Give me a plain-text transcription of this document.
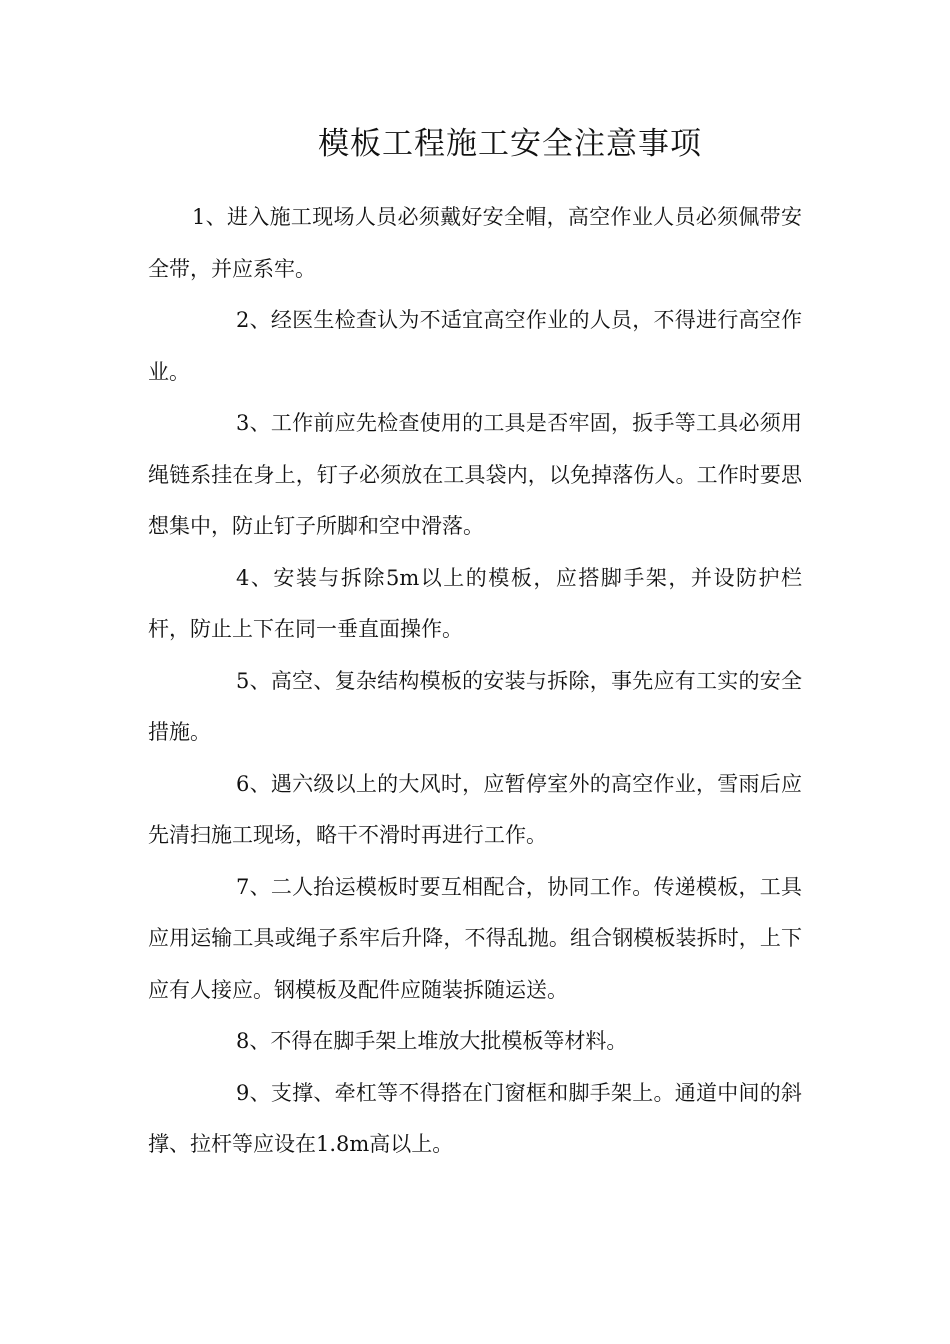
模板工程施工安全注意事项

1、进入施工现场人员必须戴好安全帽，高空作业人员必须佩带安全带，并应系牢。

2、经医生检查认为不适宜高空作业的人员，不得进行高空作业。

3、工作前应先检查使用的工具是否牢固，扳手等工具必须用绳链系挂在身上，钉子必须放在工具袋内，以免掉落伤人。工作时要思想集中，防止钉子所脚和空中滑落。

4、安装与拆除5m以上的模板，应搭脚手架，并设防护栏杆，防止上下在同一垂直面操作。

5、高空、复杂结构模板的安装与拆除，事先应有工实的安全措施。

6、遇六级以上的大风时，应暂停室外的高空作业，雪雨后应先清扫施工现场，略干不滑时再进行工作。

7、二人抬运模板时要互相配合，协同工作。传递模板，工具应用运输工具或绳子系牢后升降，不得乱抛。组合钢模板装拆时，上下应有人接应。钢模板及配件应随装拆随运送。

8、不得在脚手架上堆放大批模板等材料。

9、支撑、牵杠等不得搭在门窗框和脚手架上。通道中间的斜撑、拉杆等应设在1.8m高以上。
